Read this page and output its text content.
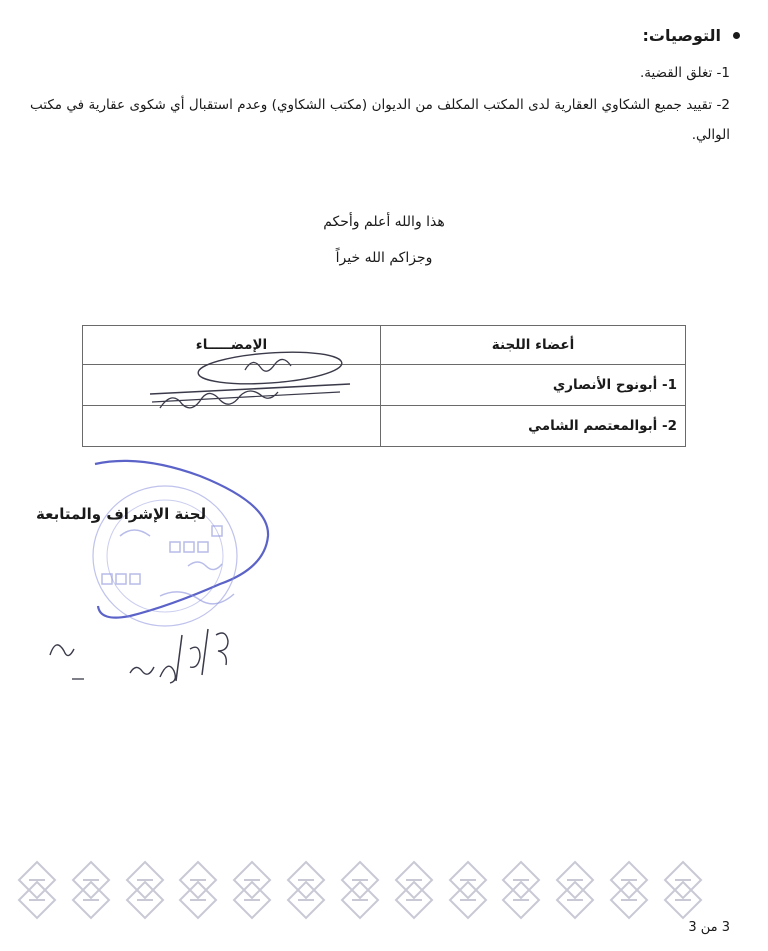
التوصيات:
1- تغلق القضية.
2- تقييد جميع الشكاوي العقارية لدى المكتب المكلف من الديوان (مكتب الشكاوي) وعدم استقبال أي شكوى عقارية في مكتب الوالي.
هذا والله أعلم وأحكم
وجزاكم الله خيراً
أعضاء اللجنة	الإمضـــــاء
1- أبونوح الأنصاري	
2- أبوالمعتصم الشامي	
لجنة الإشراف والمتابعة
3 من 3
